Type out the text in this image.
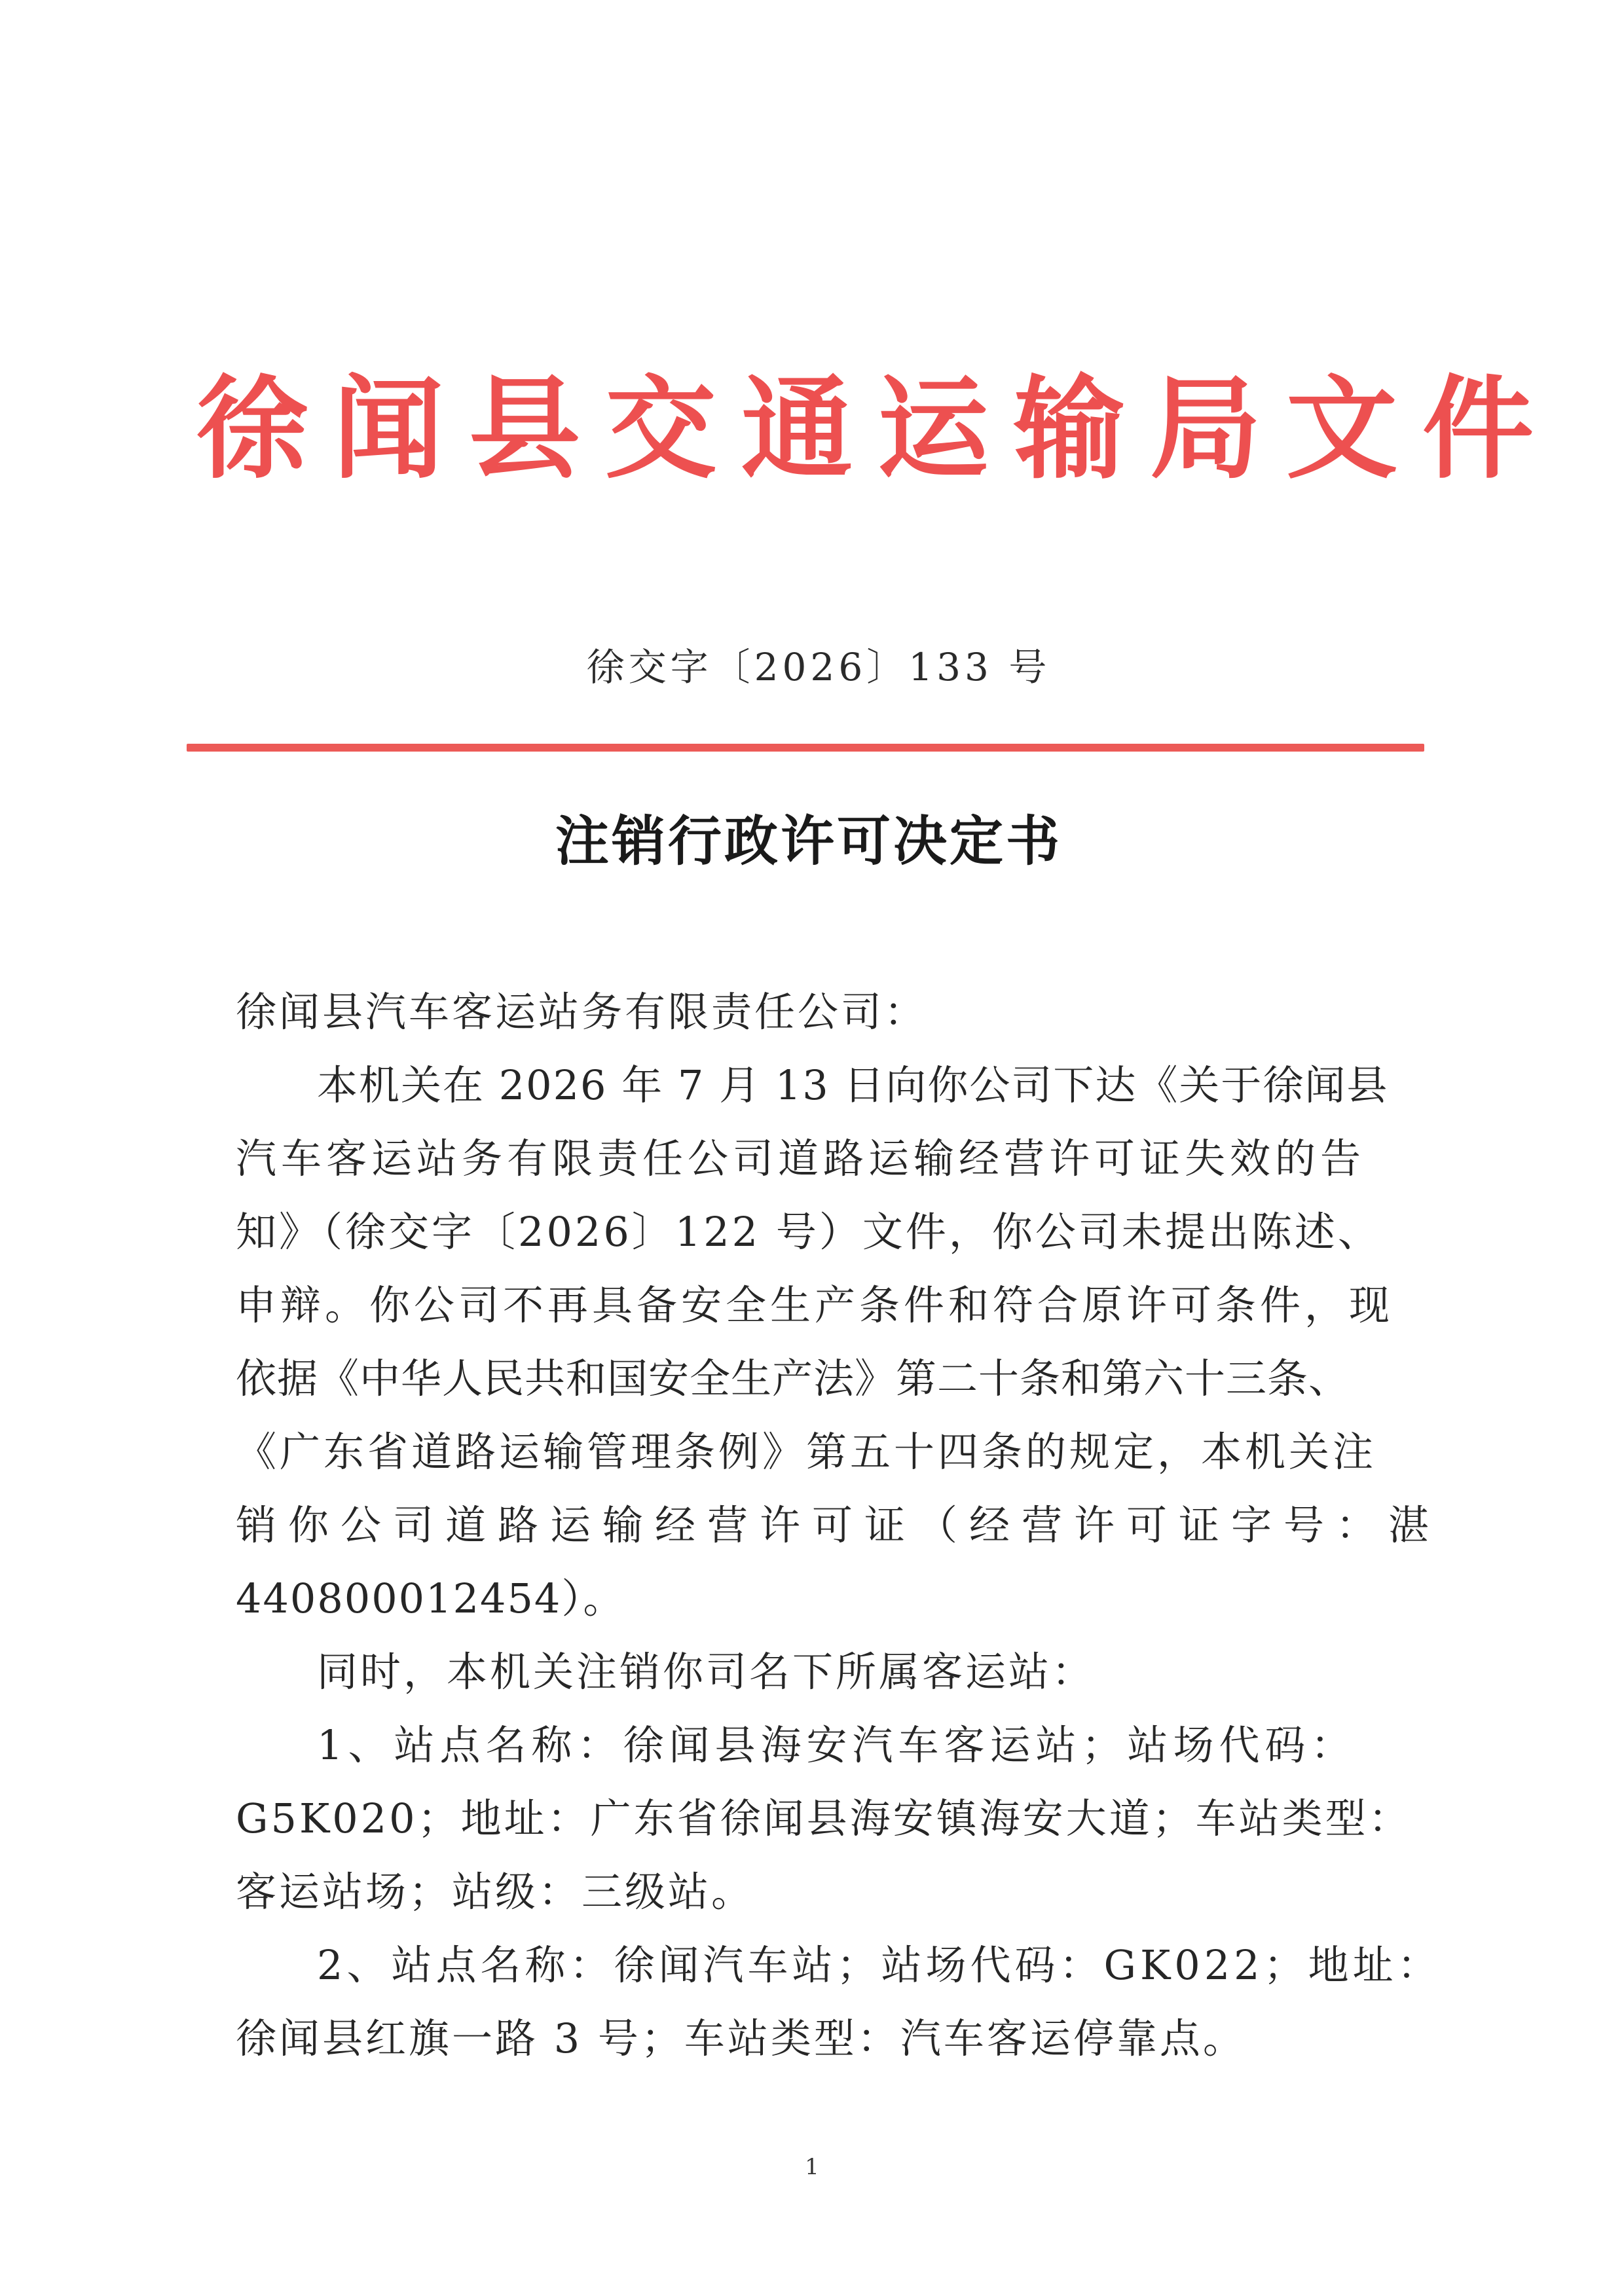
徐闻县交通运输局文件
徐交字〔2026〕133 号
注销行政许可决定书
徐闻县汽车客运站务有限责任公司：
本机关在 2026 年 7 月 13 日向你公司下达《关于徐闻县
汽车客运站务有限责任公司道路运输经营许可证失效的告
知》（徐交字〔2026〕122 号）文件，你公司未提出陈述、
申辩。你公司不再具备安全生产条件和符合原许可条件，现
依据《中华人民共和国安全生产法》第二十条和第六十三条、
《广东省道路运输管理条例》第五十四条的规定，本机关注
销你公司道路运输经营许可证（经营许可证字号：湛
440800012454）。
同时，本机关注销你司名下所属客运站：
1、站点名称：徐闻县海安汽车客运站；站场代码：
G5K020；地址：广东省徐闻县海安镇海安大道；车站类型：
客运站场；站级：三级站。
2、站点名称：徐闻汽车站；站场代码：GK022；地址：
徐闻县红旗一路 3 号；车站类型：汽车客运停靠点。
1
